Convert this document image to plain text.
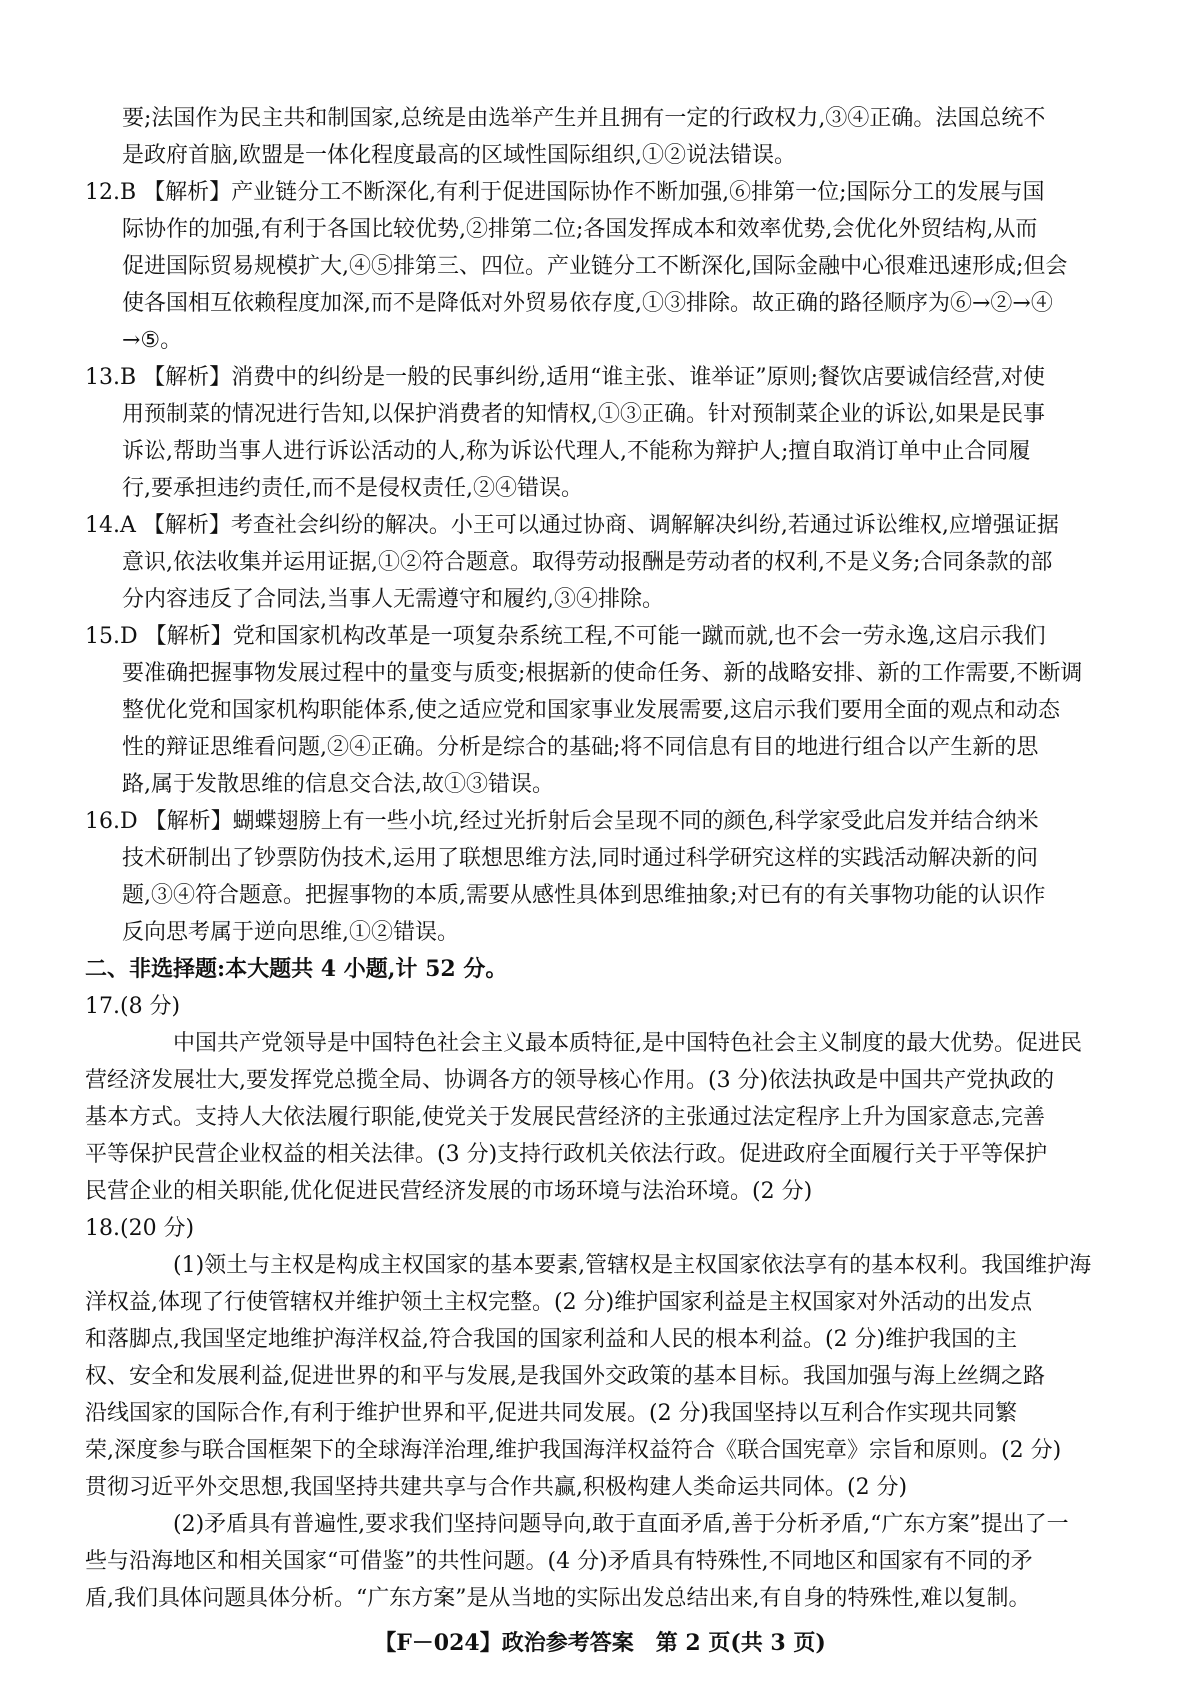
要;法国作为民主共和制国家,总统是由选举产生并且拥有一定的行政权力,③④正确。法国总统不
是政府首脑,欧盟是一体化程度最高的区域性国际组织,①②说法错误。
12.B 【解析】产业链分工不断深化,有利于促进国际协作不断加强,⑥排第一位;国际分工的发展与国
际协作的加强,有利于各国比较优势,②排第二位;各国发挥成本和效率优势,会优化外贸结构,从而
促进国际贸易规模扩大,④⑤排第三、四位。产业链分工不断深化,国际金融中心很难迅速形成;但会
使各国相互依赖程度加深,而不是降低对外贸易依存度,①③排除。故正确的路径顺序为⑥→②→④
→⑤。
13.B 【解析】消费中的纠纷是一般的民事纠纷,适用“谁主张、谁举证”原则;餐饮店要诚信经营,对使
用预制菜的情况进行告知,以保护消费者的知情权,①③正确。针对预制菜企业的诉讼,如果是民事
诉讼,帮助当事人进行诉讼活动的人,称为诉讼代理人,不能称为辩护人;擅自取消订单中止合同履
行,要承担违约责任,而不是侵权责任,②④错误。
14.A 【解析】考查社会纠纷的解决。小王可以通过协商、调解解决纠纷,若通过诉讼维权,应增强证据
意识,依法收集并运用证据,①②符合题意。取得劳动报酬是劳动者的权利,不是义务;合同条款的部
分内容违反了合同法,当事人无需遵守和履约,③④排除。
15.D 【解析】党和国家机构改革是一项复杂系统工程,不可能一蹴而就,也不会一劳永逸,这启示我们
要准确把握事物发展过程中的量变与质变;根据新的使命任务、新的战略安排、新的工作需要,不断调
整优化党和国家机构职能体系,使之适应党和国家事业发展需要,这启示我们要用全面的观点和动态
性的辩证思维看问题,②④正确。分析是综合的基础;将不同信息有目的地进行组合以产生新的思
路,属于发散思维的信息交合法,故①③错误。
16.D 【解析】蝴蝶翅膀上有一些小坑,经过光折射后会呈现不同的颜色,科学家受此启发并结合纳米
技术研制出了钞票防伪技术,运用了联想思维方法,同时通过科学研究这样的实践活动解决新的问
题,③④符合题意。把握事物的本质,需要从感性具体到思维抽象;对已有的有关事物功能的认识作
反向思考属于逆向思维,①②错误。
二、非选择题:本大题共 4 小题,计 52 分。
17.(8 分)
中国共产党领导是中国特色社会主义最本质特征,是中国特色社会主义制度的最大优势。促进民
营经济发展壮大,要发挥党总揽全局、协调各方的领导核心作用。(3 分)依法执政是中国共产党执政的
基本方式。支持人大依法履行职能,使党关于发展民营经济的主张通过法定程序上升为国家意志,完善
平等保护民营企业权益的相关法律。(3 分)支持行政机关依法行政。促进政府全面履行关于平等保护
民营企业的相关职能,优化促进民营经济发展的市场环境与法治环境。(2 分)
18.(20 分)
(1)领土与主权是构成主权国家的基本要素,管辖权是主权国家依法享有的基本权利。我国维护海
洋权益,体现了行使管辖权并维护领土主权完整。(2 分)维护国家利益是主权国家对外活动的出发点
和落脚点,我国坚定地维护海洋权益,符合我国的国家利益和人民的根本利益。(2 分)维护我国的主
权、安全和发展利益,促进世界的和平与发展,是我国外交政策的基本目标。我国加强与海上丝绸之路
沿线国家的国际合作,有利于维护世界和平,促进共同发展。(2 分)我国坚持以互利合作实现共同繁
荣,深度参与联合国框架下的全球海洋治理,维护我国海洋权益符合《联合国宪章》宗旨和原则。(2 分)
贯彻习近平外交思想,我国坚持共建共享与合作共赢,积极构建人类命运共同体。(2 分)
(2)矛盾具有普遍性,要求我们坚持问题导向,敢于直面矛盾,善于分析矛盾,“广东方案”提出了一
些与沿海地区和相关国家“可借鉴”的共性问题。(4 分)矛盾具有特殊性,不同地区和国家有不同的矛
盾,我们具体问题具体分析。“广东方案”是从当地的实际出发总结出来,有自身的特殊性,难以复制。
【F－024】政治参考答案　第 2 页(共 3 页)
